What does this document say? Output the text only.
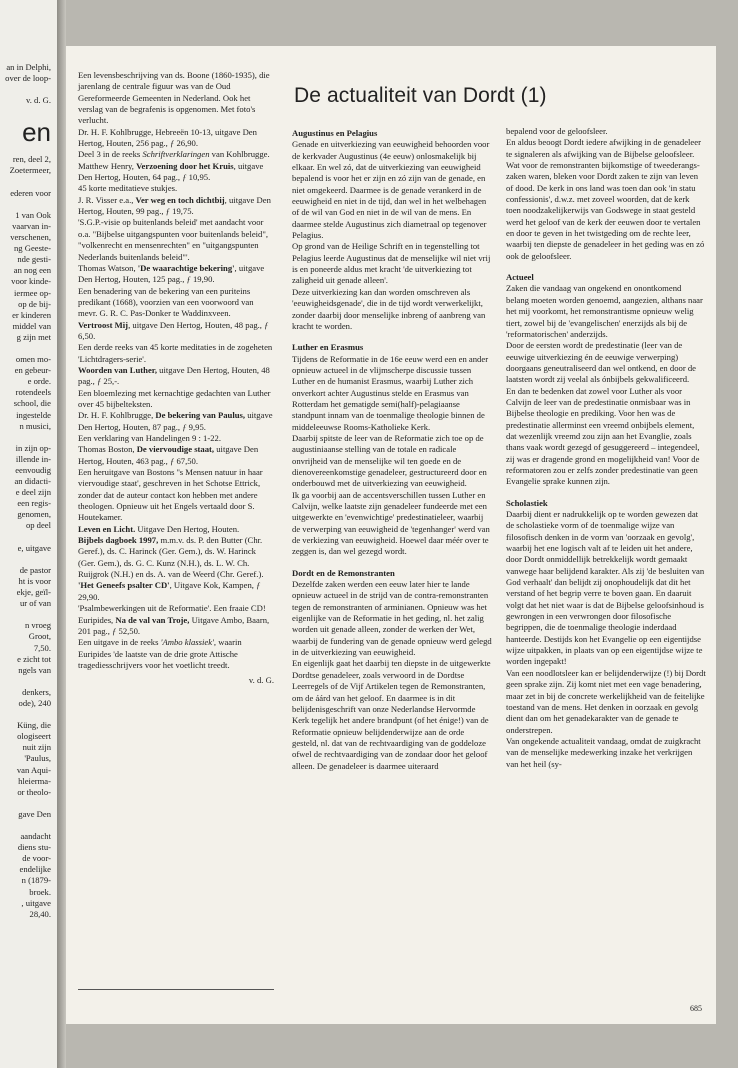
an in Delphi,
over de loop-

v. d. G.
en
ren, deel 2,
Zoetermeer,

ederen voor

1 van Ook
vaarvan in-
verschenen,
ng Geeste-
nde gesti-
an nog een
voor kinde-
iermee op-
op de bij-
er kinderen
middel van
g zijn met

omen mo-
en gebeur-
e orde.
rotendeels
school, die
ingestelde
n musici,

in zijn op-
illende in-
eenvoudig
an didacti-
e deel zijn
een regis-
genomen,
op deel

e, uitgave

de pastor
ht is voor
ekje, geïl-
ur of van

n vroeg
Groot,
7,50.
e zicht tot
ngels van

denkers,
ode), 240

Küng, die
ologiseert
nuit zijn
'Paulus,
van Aqui-
hleierma-
or theolo-

gave Den

aandacht
diens stu-
de voor-
endelijke
n (1879-
broek.
, uitgave
28,40.

Een levensbeschrijving van ds. Boone (1860-1935), die jarenlang de centrale figuur was van de Oud Gereformeerde Gemeenten in Nederland. Ook het verslag van de begrafenis is opgenomen. Met foto's verlucht.

Dr. H. F. Kohlbrugge, Hebreeën 10-13, uitgave Den Hertog, Houten, 256 pag., ƒ 26,90.

Deel 3 in de reeks Schriftverklaringen van Kohlbrugge.

Matthew Henry, Verzoening door het Kruis, uitgave Den Hertog, Houten, 64 pag., ƒ 10,95.

45 korte meditatieve stukjes.

J. R. Visser e.a., Ver weg en toch dichtbij, uitgave Den Hertog, Houten, 99 pag., ƒ 19,75.

'S.G.P.-visie op buitenlands beleid' met aandacht voor o.a. "Bijbelse uitgangspunten voor buitenlands beleid", "volkenrecht en mensenrechten" en "uitgangspunten Nederlands buitenlands beleid"'.

Thomas Watson, 'De waarachtige bekering', uitgave Den Hertog, Houten, 125 pag., ƒ 19,90.

Een benadering van de bekering van een puriteins predikant (1668), voorzien van een voorwoord van mevr. G. R. C. Pas-Donker te Waddinxveen.

Vertroost Mij, uitgave Den Hertog, Houten, 48 pag., ƒ 6,50.

Een derde reeks van 45 korte meditaties in de zogeheten 'Lichtdragers-serie'.

Woorden van Luther, uitgave Den Hertog, Houten, 48 pag., ƒ 25,-.

Een bloemlezing met kernachtige gedachten van Luther over 45 bijbelteksten.

Dr. H. F. Kohlbrugge, De bekering van Paulus, uitgave Den Hertog, Houten, 87 pag., ƒ 9,95.

Een verklaring van Handelingen 9 : 1-22.

Thomas Boston, De viervoudige staat, uitgave Den Hertog, Houten, 463 pag., ƒ 67,50.

Een heruitgave van Bostons ''s Mensen natuur in haar viervoudige staat', geschreven in het Schotse Ettrick, zonder dat de auteur contact kon hebben met andere theologen. Opnieuw uit het Engels vertaald door S. Houtekamer.

Leven en Licht. Uitgave Den Hertog, Houten.

Bijbels dagboek 1997, m.m.v. ds. P. den Butter (Chr. Geref.), ds. C. Harinck (Ger. Gem.), ds. W. Harinck (Ger. Gem.), ds. G. C. Kunz (N.H.), ds. L. W. Ch. Ruijgrok (N.H.) en ds. A. van de Weerd (Chr. Geref.).

'Het Geneefs psalter CD', Uitgave Kok, Kampen, ƒ 29,90.

'Psalmbewerkingen uit de Reformatie'. Een fraaie CD!

Euripides, Na de val van Troje, Uitgave Ambo, Baarn, 201 pag., ƒ 52,50.

Een uitgave in de reeks 'Ambo klassiek', waarin Euripides 'de laatste van de drie grote Attische tragediesschrijvers voor het voetlicht treedt.

v. d. G.

De actualiteit van Dordt (1)

Augustinus en Pelagius

Genade en uitverkiezing van eeuwigheid behoorden voor de kerkvader Augustinus (4e eeuw) onlosmakelijk bij elkaar. En wel zó, dat de uitverkiezing van eeuwigheid bepalend is voor het er zijn en zó zijn van de genade, en niet omgekeerd. Daarmee is de genade verankerd in de eeuwigheid en niet in de tijd, dan wel in het welbehagen of de wil van God en niet in de wil van de mens. En daarmee stelde Augustinus zich diametraal op tegenover Pelagius.

Op grond van de Heilige Schrift en in tegenstelling tot Pelagius leerde Augustinus dat de menselijke wil niet vrij is en poneerde aldus met kracht 'de uitverkiezing tot zaligheid uit genade alleen'.

Deze uitverkiezing kan dan worden omschreven als 'eeuwigheidsgenade', die in de tijd wordt verwerkelijkt, zonder daarbij door menselijke inbreng of aanbreng van kracht te worden.

Luther en Erasmus

Tijdens de Reformatie in de 16e eeuw werd een en ander opnieuw actueel in de vlijmscherpe discussie tussen Luther en de humanist Erasmus, waarbij Luther zich onverkort achter Augustinus stelde en Erasmus van Rotterdam het gematigde semi(half)-pelagiaanse standpunt innam van de toenmalige theologie binnen de middeleeuwse Rooms-Katholieke Kerk.

Daarbij spitste de leer van de Reformatie zich toe op de augustiniaanse stelling van de totale en radicale onvrijheid van de menselijke wil ten goede en de dienovereenkomstige genadeleer, gestructureerd door en onderbouwd met de uitverkiezing van eeuwigheid.

Ik ga voorbij aan de accentsverschillen tussen Luther en Calvijn, welke laatste zijn genadeleer fundeerde met een uitgewerkte en 'evenwichtige' predestinatieleer, waarbij de verwerping van eeuwigheid de 'tegenhanger' werd van de verkiezing van eeuwigheid. Hoewel daar méér over te zeggen is, dan wel gezegd wordt.

Dordt en de Remonstranten

Dezelfde zaken werden een eeuw later hier te lande opnieuw actueel in de strijd van de contra-remonstranten tegen de remonstranten of arminianen. Opnieuw was het eigenlijke van de Reformatie in het geding, nl. het zalig worden uit genade alleen, zonder de werken der Wet, waarbij de fundering van de genade opnieuw werd gelegd in de uitverkiezing van eeuwigheid.

En eigenlijk gaat het daarbij ten diepste in de uitgewerkte Dordtse genadeleer, zoals verwoord in de Dordtse Leerregels of de Vijf Artikelen tegen de Remonstranten, om de áárd van het geloof. En daarmee is in dit belijdenisgeschrift van onze Nederlandse Hervormde Kerk tegelijk het andere brandpunt (of het énige!) van de Reformatie opnieuw belijdenderwijze aan de orde gesteld, nl. dat van de rechtvaardiging van de goddeloze ofwel de rechtvaardiging van de zondaar door het geloof alleen. De genadeleer is daarmee uiteraard

bepalend voor de geloofsleer.

En aldus beoogt Dordt iedere afwijking in de genadeleer te signaleren als afwijking van de Bijbelse geloofsleer.

Wat voor de remonstranten bijkomstige of tweederangs-zaken waren, bleken voor Dordt zaken te zijn van leven of dood. De kerk in ons land was toen dan ook 'in statu confessionis', d.w.z. met zoveel woorden, dat de kerk toen noodzakelijkerwijs van Godswege in staat gesteld werd het geloof van de kerk der eeuwen door te vertalen en door te geven in het twistgeding om de rechte leer, waarbij ten diepste de genadeleer in het geding was en zó ook de geloofsleer.

Actueel

Zaken die vandaag van ongekend en onontkomend belang moeten worden genoemd, aangezien, althans naar het mij voorkomt, het remonstrantisme opnieuw welig tiert, zowel bij de 'evangelischen' enerzijds als bij de 'reformatorischen' anderzijds.

Door de eersten wordt de predestinatie (leer van de eeuwige uitverkiezing én de eeuwige verwerping) doorgaans geneutraliseerd dan wel ontkend, en door de laatsten wordt zij veelal als ónbijbels gekwalificeerd.

En dan te bedenken dat zowel voor Luther als voor Calvijn de leer van de predestinatie onmisbaar was in Bijbelse theologie en prediking. Voor hen was de predestinatie allerminst een vreemd onbijbels element, dat wezenlijk vreemd zou zijn aan het Evanglie, zoals thans vaak wordt gezegd of gesuggereerd – integendeel, zij was er dragende grond en mogelijkheid van! Voor de reformatoren zou er zelfs zonder predestinatie van geen Evangelie sprake kunnen zijn.

Scholastiek

Daarbij dient er nadrukkelijk op te worden gewezen dat de scholastieke vorm of de toenmalige wijze van filosofisch denken in de vorm van 'oorzaak en gevolg', waarbij het ene logisch valt af te leiden uit het andere, door Dordt onmiddellijk betrekkelijk wordt gemaakt vanwege haar belijdend karakter. Als zij 'de besluiten van God verhaalt' dan belijdt zij onophoudelijk dat dit het verstand of het begrip verre te boven gaan. En daaruit volgt dat het niet waar is dat de Bijbelse geloofsinhoud is gewrongen in een verwrongen door filosofische begrippen, die de toenmalige theologie inderdaad hanteerde. Destijds kon het Evangelie op een eigentijdse wijze uitpakken, in plaats van op een eigentijdse wijze te worden ingepakt!

Van een noodlotsleer kan er belijdenderwijze (!) bij Dordt geen sprake zijn. Zij komt niet met een vage benadering, maar zet in bij de concrete werkelijkheid van de feitelijke toestand van de mens. Het denken in oorzaak en gevolg dient dan om het genadekarakter van de genade te onderstrepen.

Van ongekende actualiteit vandaag, omdat de zuigkracht van de menselijke medewerking inzake het verkrijgen van het heil (sy-

685
